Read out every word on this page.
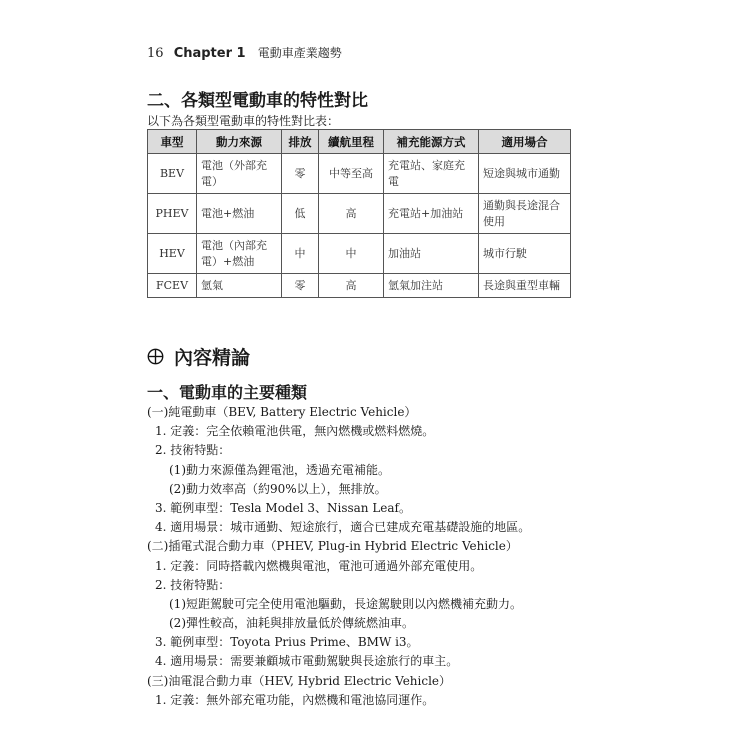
16 Chapter 1 電動車產業趨勢
二、各類型電動車的特性對比
以下為各類型電動車的特性對比表：
車型	動力來源	排放	續航里程	補充能源方式	適用場合
BEV	電池（外部充電）	零	中等至高	充電站、家庭充電	短途與城市通勤
PHEV	電池+燃油	低	高	充電站+加油站	通勤與長途混合使用
HEV	電池（內部充電）+燃油	中	中	加油站	城市行駛
FCEV	氫氣	零	高	氫氣加注站	長途與重型車輛
內容精論
一、電動車的主要種類
(一)純電動車（BEV, Battery Electric Vehicle）
1. 定義：完全依賴電池供電，無內燃機或燃料燃燒。
2. 技術特點：
(1)動力來源僅為鋰電池，透過充電補能。
(2)動力效率高（約90%以上），無排放。
3. 範例車型：Tesla Model 3、Nissan Leaf。
4. 適用場景：城市通勤、短途旅行，適合已建成充電基礎設施的地區。
(二)插電式混合動力車（PHEV, Plug-in Hybrid Electric Vehicle）
1. 定義：同時搭載內燃機與電池，電池可通過外部充電使用。
2. 技術特點：
(1)短距駕駛可完全使用電池驅動，長途駕駛則以內燃機補充動力。
(2)彈性較高，油耗與排放量低於傳統燃油車。
3. 範例車型：Toyota Prius Prime、BMW i3。
4. 適用場景：需要兼顧城市電動駕駛與長途旅行的車主。
(三)油電混合動力車（HEV, Hybrid Electric Vehicle）
1. 定義：無外部充電功能，內燃機和電池協同運作。
